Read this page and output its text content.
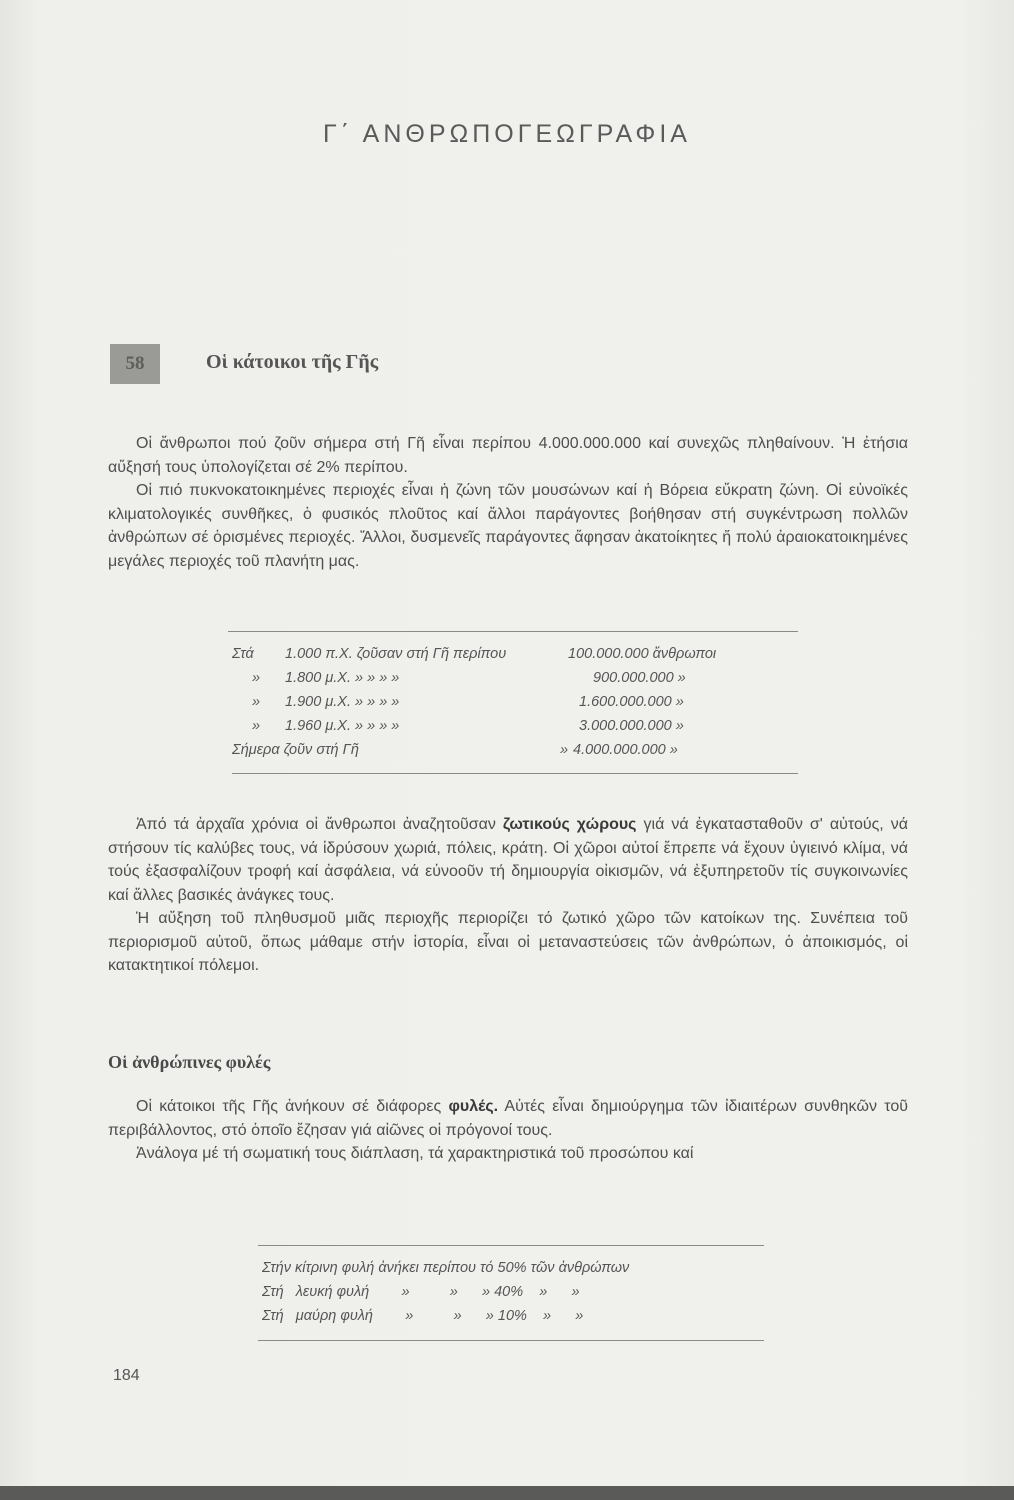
Γ΄ ΑΝΘΡΩΠΟΓΕΩΓΡΑΦΙΑ
58	Οἱ κάτοικοι τῆς Γῆς

Οἱ ἄνθρωποι πού ζοῦν σήμερα στή Γῆ εἶναι περίπου 4.000.000.000 καί συνεχῶς πληθαίνουν. Ἡ ἐτήσια αὔξησή τους ὑπολογίζεται σέ 2% περίπου.

Οἱ πιό πυκνοκατοικημένες περιοχές εἶναι ἡ ζώνη τῶν μουσώνων καί ἡ Βόρεια εὔκρατη ζώνη. Οἱ εὐνοϊκές κλιματολογικές συνθῆκες, ὁ φυσικός πλοῦτος καί ἄλλοι παράγοντες βοήθησαν στή συγκέντρωση πολλῶν ἀνθρώπων σέ ὁρισμένες περιοχές. Ἄλλοι, δυσμενεῖς παράγοντες ἄφησαν ἀκατοίκητες ἤ πολύ ἀραιοκατοικημένες μεγάλες περιοχές τοῦ πλανήτη μας.

Στά 1.000 π.Χ. ζοῦσαν στή Γῆ περίπου	100.000.000 ἄνθρωποι
» 1.800 μ.Χ. » » » »	900.000.000 »
» 1.900 μ.Χ. » » » »	1.600.000.000 »
» 1.960 μ.Χ. » » » »	3.000.000.000 »
Σήμερα ζοῦν στή Γῆ	» 4.000.000.000 »

Ἀπό τά ἀρχαῖα χρόνια οἱ ἄνθρωποι ἀναζητοῦσαν ζωτικούς χώρους γιά νά ἐγκατασταθοῦν σ' αὐτούς, νά στήσουν τίς καλύβες τους, νά ἱδρύσουν χωριά, πόλεις, κράτη. Οἱ χῶροι αὐτοί ἔπρεπε νά ἔχουν ὑγιεινό κλίμα, νά τούς ἐξασφαλίζουν τροφή καί ἀσφάλεια, νά εὐνοοῦν τή δημιουργία οἰκισμῶν, νά ἐξυπηρετοῦν τίς συγκοινωνίες καί ἄλλες βασικές ἀνάγκες τους.

Ἡ αὔξηση τοῦ πληθυσμοῦ μιᾶς περιοχῆς περιορίζει τό ζωτικό χῶρο τῶν κατοίκων της. Συνέπεια τοῦ περιορισμοῦ αὐτοῦ, ὅπως μάθαμε στήν ἱστορία, εἶναι οἱ μεταναστεύσεις τῶν ἀνθρώπων, ὁ ἀποικισμός, οἱ κατακτητικοί πόλεμοι.

Οἱ ἀνθρώπινες φυλές

Οἱ κάτοικοι τῆς Γῆς ἀνήκουν σέ διάφορες φυλές. Αὐτές εἶναι δημιούργημα τῶν ἰδιαιτέρων συνθηκῶν τοῦ περιβάλλοντος, στό ὁποῖο ἔζησαν γιά αἰῶνες οἱ πρόγονοί τους.

Ἀνάλογα μέ τή σωματική τους διάπλαση, τά χαρακτηριστικά τοῦ προσώπου καί

Στήν κίτρινη φυλή ἀνήκει περίπου τό 50% τῶν ἀνθρώπων
Στή   λευκή φυλή        »          »      » 40%    »      »
Στή   μαύρη φυλή        »          »      » 10%    »      »
184
